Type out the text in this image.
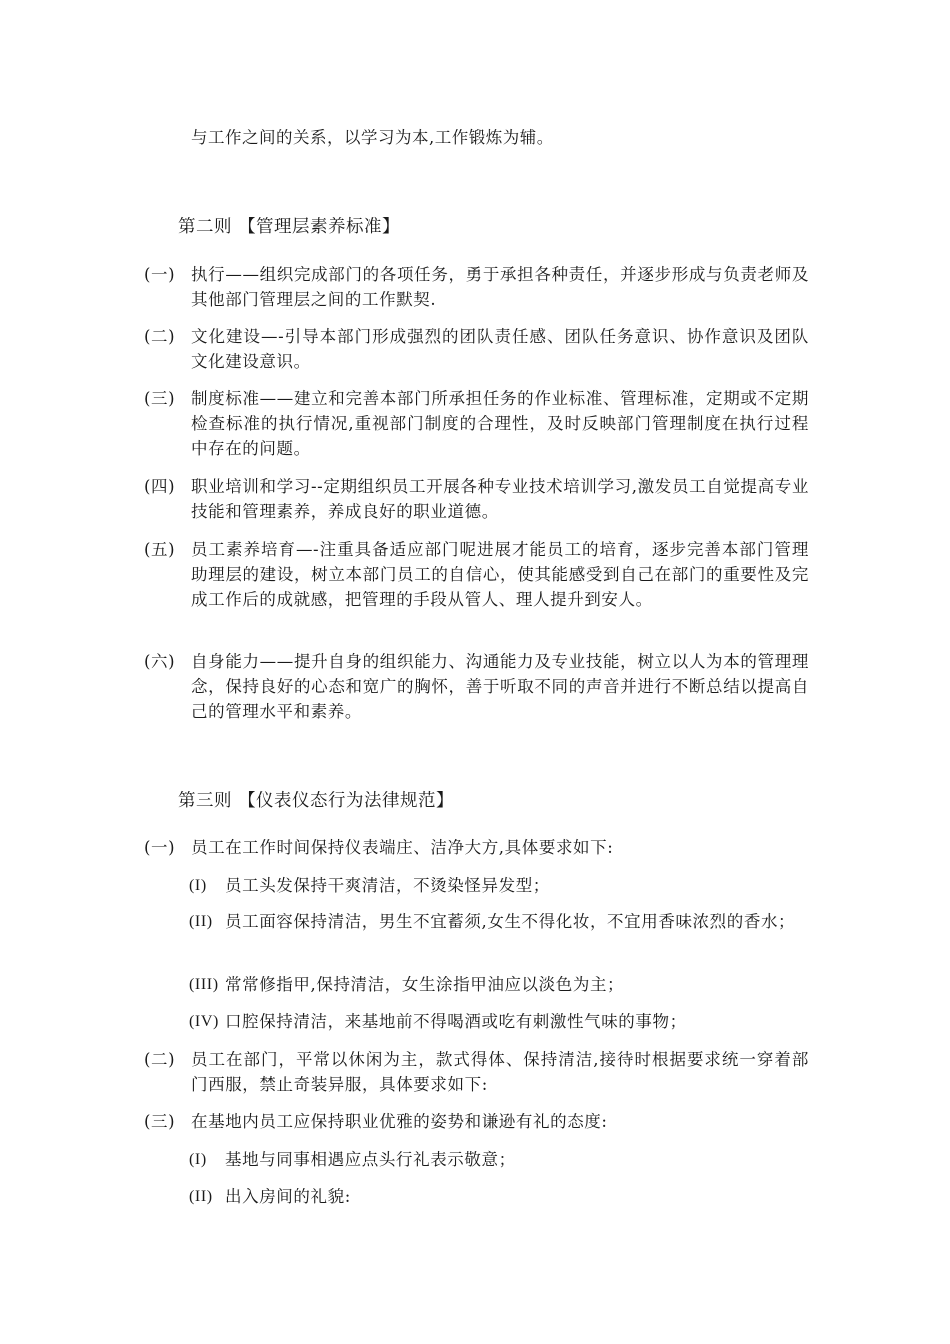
与工作之间的关系，以学习为本,工作锻炼为辅。
第二则 【管理层素养标准】
(一) 执行——组织完成部门的各项任务，勇于承担各种责任，并逐步形成与负责老师及其他部门管理层之间的工作默契.
(二) 文化建设—-引导本部门形成强烈的团队责任感、团队任务意识、协作意识及团队文化建设意识。
(三) 制度标准——建立和完善本部门所承担任务的作业标准、管理标准，定期或不定期检查标准的执行情况,重视部门制度的合理性，及时反映部门管理制度在执行过程中存在的问题。
(四) 职业培训和学习--定期组织员工开展各种专业技术培训学习,激发员工自觉提高专业技能和管理素养，养成良好的职业道德。
(五) 员工素养培育—-注重具备适应部门呢进展才能员工的培育，逐步完善本部门管理助理层的建设，树立本部门员工的自信心，使其能感受到自己在部门的重要性及完成工作后的成就感，把管理的手段从管人、理人提升到安人。
(六) 自身能力——提升自身的组织能力、沟通能力及专业技能，树立以人为本的管理理念，保持良好的心态和宽广的胸怀，善于听取不同的声音并进行不断总结以提高自己的管理水平和素养。
第三则 【仪表仪态行为法律规范】
(一) 员工在工作时间保持仪表端庄、洁净大方,具体要求如下:
(I)	员工头发保持干爽清洁，不烫染怪异发型；
(II) 员工面容保持清洁，男生不宜蓄须,女生不得化妆，不宜用香味浓烈的香水；
(III) 常常修指甲,保持清洁，女生涂指甲油应以淡色为主；
(IV) 口腔保持清洁，来基地前不得喝酒或吃有刺激性气味的事物；
(二) 员工在部门，平常以休闲为主，款式得体、保持清洁,接待时根据要求统一穿着部门西服，禁止奇装异服，具体要求如下:
(三) 在基地内员工应保持职业优雅的姿势和谦逊有礼的态度:
(I)	基地与同事相遇应点头行礼表示敬意；
(II) 出入房间的礼貌:
